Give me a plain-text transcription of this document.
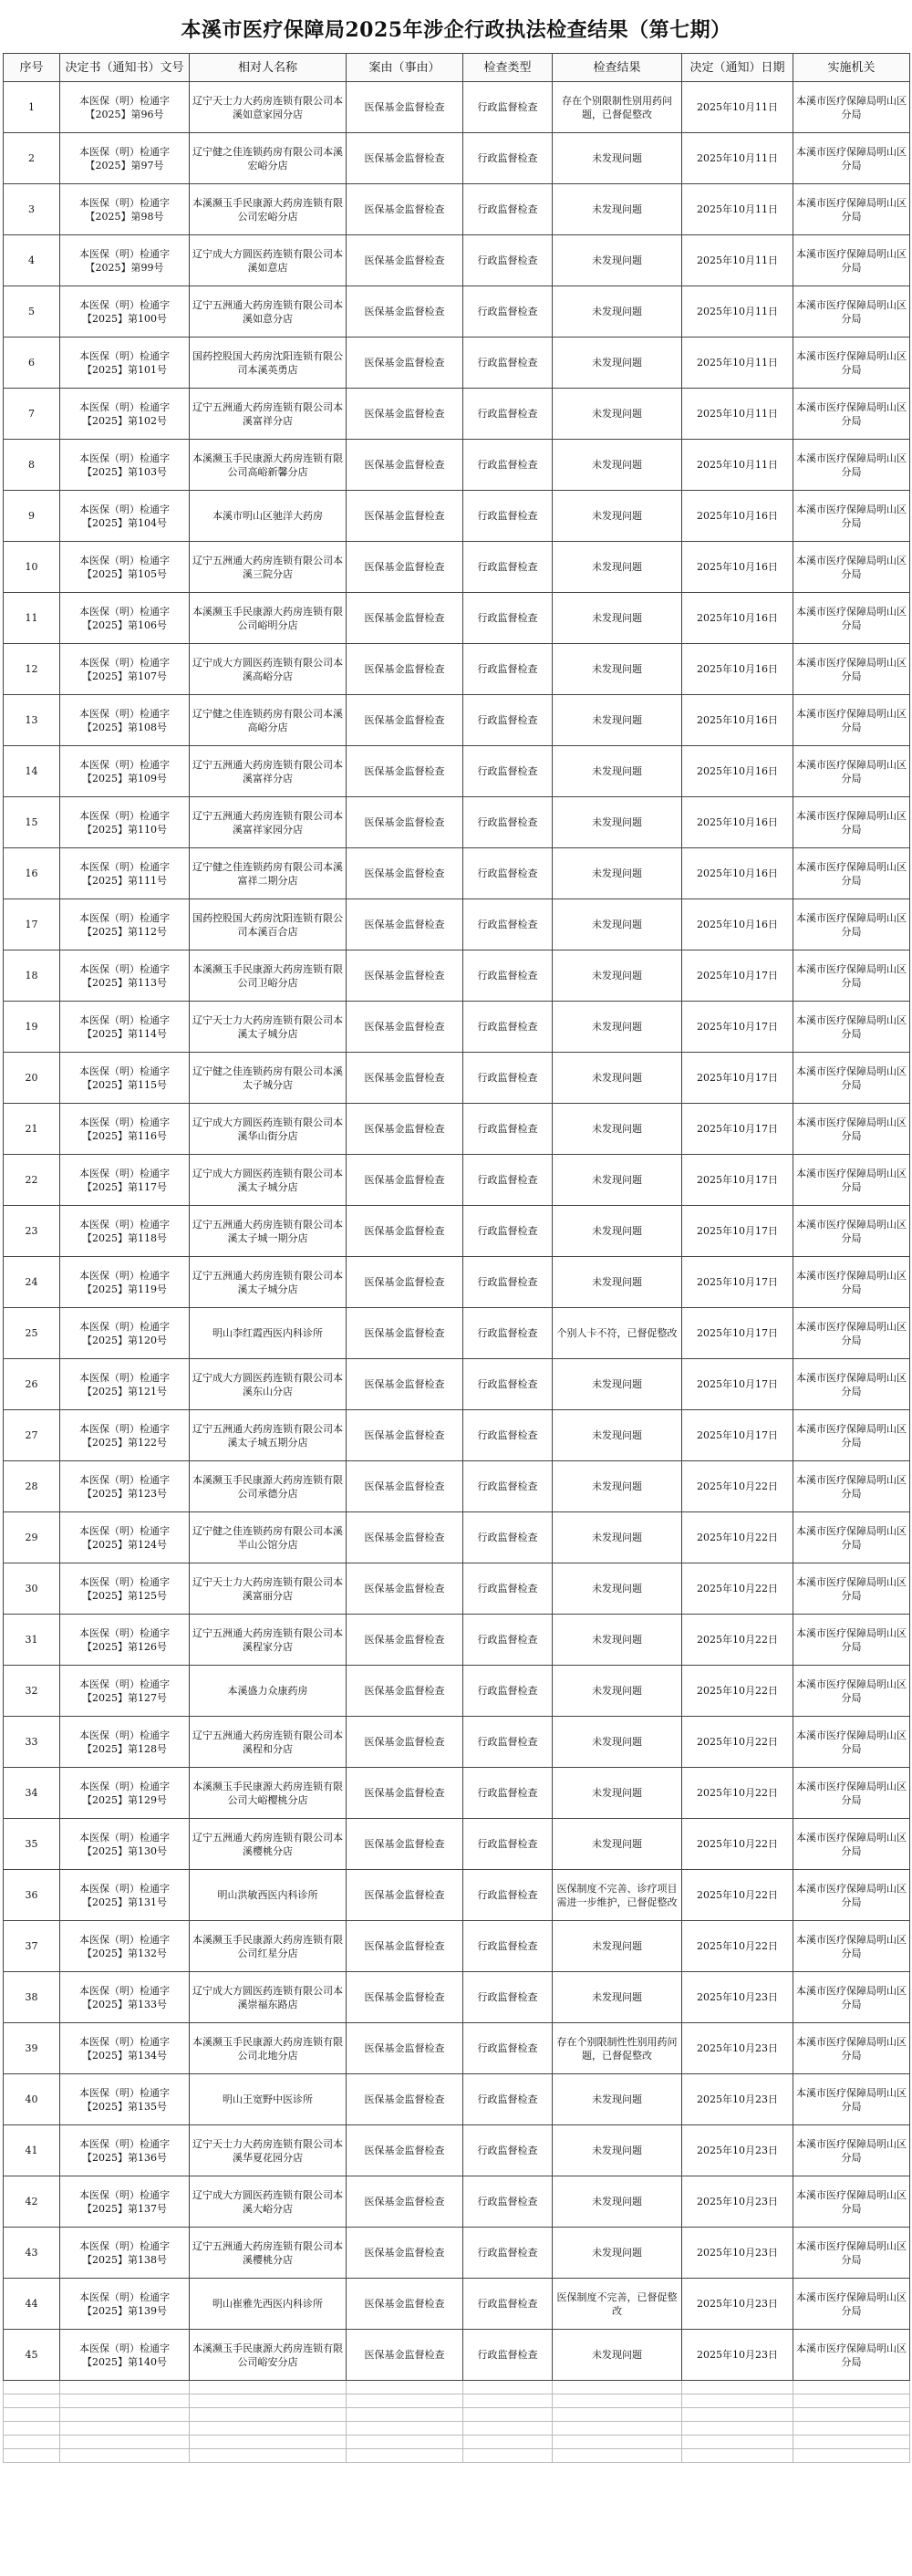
本溪市医疗保障局2025年涉企行政执法检查结果（第七期）
序号	决定书（通知书）文号	相对人名称	案由（事由）	检查类型	检查结果	决定（通知）日期	实施机关
1	本医保（明）检通字【2025】第96号	辽宁天士力大药房连锁有限公司本溪如意家园分店	医保基金监督检查	行政监督检查	存在个别限制性别用药问题，已督促整改	2025年10月11日	本溪市医疗保障局明山区分局
2	本医保（明）检通字【2025】第97号	辽宁健之佳连锁药房有限公司本溪宏峪分店	医保基金监督检查	行政监督检查	未发现问题	2025年10月11日	本溪市医疗保障局明山区分局
3	本医保（明）检通字【2025】第98号	本溪濒玉手民康源大药房连锁有限公司宏峪分店	医保基金监督检查	行政监督检查	未发现问题	2025年10月11日	本溪市医疗保障局明山区分局
4	本医保（明）检通字【2025】第99号	辽宁成大方圆医药连锁有限公司本溪如意店	医保基金监督检查	行政监督检查	未发现问题	2025年10月11日	本溪市医疗保障局明山区分局
5	本医保（明）检通字【2025】第100号	辽宁五洲通大药房连锁有限公司本溪如意分店	医保基金监督检查	行政监督检查	未发现问题	2025年10月11日	本溪市医疗保障局明山区分局
6	本医保（明）检通字【2025】第101号	国药控股国大药房沈阳连锁有限公司本溪英勇店	医保基金监督检查	行政监督检查	未发现问题	2025年10月11日	本溪市医疗保障局明山区分局
7	本医保（明）检通字【2025】第102号	辽宁五洲通大药房连锁有限公司本溪富祥分店	医保基金监督检查	行政监督检查	未发现问题	2025年10月11日	本溪市医疗保障局明山区分局
8	本医保（明）检通字【2025】第103号	本溪濒玉手民康源大药房连锁有限公司高峪新馨分店	医保基金监督检查	行政监督检查	未发现问题	2025年10月11日	本溪市医疗保障局明山区分局
9	本医保（明）检通字【2025】第104号	本溪市明山区驰洋大药房	医保基金监督检查	行政监督检查	未发现问题	2025年10月16日	本溪市医疗保障局明山区分局
10	本医保（明）检通字【2025】第105号	辽宁五洲通大药房连锁有限公司本溪三院分店	医保基金监督检查	行政监督检查	未发现问题	2025年10月16日	本溪市医疗保障局明山区分局
11	本医保（明）检通字【2025】第106号	本溪濒玉手民康源大药房连锁有限公司峪明分店	医保基金监督检查	行政监督检查	未发现问题	2025年10月16日	本溪市医疗保障局明山区分局
12	本医保（明）检通字【2025】第107号	辽宁成大方圆医药连锁有限公司本溪高峪分店	医保基金监督检查	行政监督检查	未发现问题	2025年10月16日	本溪市医疗保障局明山区分局
13	本医保（明）检通字【2025】第108号	辽宁健之佳连锁药房有限公司本溪高峪分店	医保基金监督检查	行政监督检查	未发现问题	2025年10月16日	本溪市医疗保障局明山区分局
14	本医保（明）检通字【2025】第109号	辽宁五洲通大药房连锁有限公司本溪富祥分店	医保基金监督检查	行政监督检查	未发现问题	2025年10月16日	本溪市医疗保障局明山区分局
15	本医保（明）检通字【2025】第110号	辽宁五洲通大药房连锁有限公司本溪富祥家园分店	医保基金监督检查	行政监督检查	未发现问题	2025年10月16日	本溪市医疗保障局明山区分局
16	本医保（明）检通字【2025】第111号	辽宁健之佳连锁药房有限公司本溪富祥二期分店	医保基金监督检查	行政监督检查	未发现问题	2025年10月16日	本溪市医疗保障局明山区分局
17	本医保（明）检通字【2025】第112号	国药控股国大药房沈阳连锁有限公司本溪百合店	医保基金监督检查	行政监督检查	未发现问题	2025年10月16日	本溪市医疗保障局明山区分局
18	本医保（明）检通字【2025】第113号	本溪濒玉手民康源大药房连锁有限公司卫峪分店	医保基金监督检查	行政监督检查	未发现问题	2025年10月17日	本溪市医疗保障局明山区分局
19	本医保（明）检通字【2025】第114号	辽宁天士力大药房连锁有限公司本溪太子城分店	医保基金监督检查	行政监督检查	未发现问题	2025年10月17日	本溪市医疗保障局明山区分局
20	本医保（明）检通字【2025】第115号	辽宁健之佳连锁药房有限公司本溪太子城分店	医保基金监督检查	行政监督检查	未发现问题	2025年10月17日	本溪市医疗保障局明山区分局
21	本医保（明）检通字【2025】第116号	辽宁成大方圆医药连锁有限公司本溪华山街分店	医保基金监督检查	行政监督检查	未发现问题	2025年10月17日	本溪市医疗保障局明山区分局
22	本医保（明）检通字【2025】第117号	辽宁成大方圆医药连锁有限公司本溪太子城分店	医保基金监督检查	行政监督检查	未发现问题	2025年10月17日	本溪市医疗保障局明山区分局
23	本医保（明）检通字【2025】第118号	辽宁五洲通大药房连锁有限公司本溪太子城一期分店	医保基金监督检查	行政监督检查	未发现问题	2025年10月17日	本溪市医疗保障局明山区分局
24	本医保（明）检通字【2025】第119号	辽宁五洲通大药房连锁有限公司本溪太子城分店	医保基金监督检查	行政监督检查	未发现问题	2025年10月17日	本溪市医疗保障局明山区分局
25	本医保（明）检通字【2025】第120号	明山李红霞西医内科诊所	医保基金监督检查	行政监督检查	个别人卡不符，已督促整改	2025年10月17日	本溪市医疗保障局明山区分局
26	本医保（明）检通字【2025】第121号	辽宁成大方圆医药连锁有限公司本溪东山分店	医保基金监督检查	行政监督检查	未发现问题	2025年10月17日	本溪市医疗保障局明山区分局
27	本医保（明）检通字【2025】第122号	辽宁五洲通大药房连锁有限公司本溪太子城五期分店	医保基金监督检查	行政监督检查	未发现问题	2025年10月17日	本溪市医疗保障局明山区分局
28	本医保（明）检通字【2025】第123号	本溪濒玉手民康源大药房连锁有限公司承德分店	医保基金监督检查	行政监督检查	未发现问题	2025年10月22日	本溪市医疗保障局明山区分局
29	本医保（明）检通字【2025】第124号	辽宁健之佳连锁药房有限公司本溪半山公馆分店	医保基金监督检查	行政监督检查	未发现问题	2025年10月22日	本溪市医疗保障局明山区分局
30	本医保（明）检通字【2025】第125号	辽宁天士力大药房连锁有限公司本溪富丽分店	医保基金监督检查	行政监督检查	未发现问题	2025年10月22日	本溪市医疗保障局明山区分局
31	本医保（明）检通字【2025】第126号	辽宁五洲通大药房连锁有限公司本溪程家分店	医保基金监督检查	行政监督检查	未发现问题	2025年10月22日	本溪市医疗保障局明山区分局
32	本医保（明）检通字【2025】第127号	本溪盛力众康药房	医保基金监督检查	行政监督检查	未发现问题	2025年10月22日	本溪市医疗保障局明山区分局
33	本医保（明）检通字【2025】第128号	辽宁五洲通大药房连锁有限公司本溪程和分店	医保基金监督检查	行政监督检查	未发现问题	2025年10月22日	本溪市医疗保障局明山区分局
34	本医保（明）检通字【2025】第129号	本溪濒玉手民康源大药房连锁有限公司大峪樱桃分店	医保基金监督检查	行政监督检查	未发现问题	2025年10月22日	本溪市医疗保障局明山区分局
35	本医保（明）检通字【2025】第130号	辽宁五洲通大药房连锁有限公司本溪樱桃分店	医保基金监督检查	行政监督检查	未发现问题	2025年10月22日	本溪市医疗保障局明山区分局
36	本医保（明）检通字【2025】第131号	明山洪敏西医内科诊所	医保基金监督检查	行政监督检查	医保制度不完善、诊疗项目需进一步维护，已督促整改	2025年10月22日	本溪市医疗保障局明山区分局
37	本医保（明）检通字【2025】第132号	本溪濒玉手民康源大药房连锁有限公司红星分店	医保基金监督检查	行政监督检查	未发现问题	2025年10月22日	本溪市医疗保障局明山区分局
38	本医保（明）检通字【2025】第133号	辽宁成大方圆医药连锁有限公司本溪崇福东路店	医保基金监督检查	行政监督检查	未发现问题	2025年10月23日	本溪市医疗保障局明山区分局
39	本医保（明）检通字【2025】第134号	本溪濒玉手民康源大药房连锁有限公司北地分店	医保基金监督检查	行政监督检查	存在个别限制性性别用药问题，已督促整改	2025年10月23日	本溪市医疗保障局明山区分局
40	本医保（明）检通字【2025】第135号	明山王宽野中医诊所	医保基金监督检查	行政监督检查	未发现问题	2025年10月23日	本溪市医疗保障局明山区分局
41	本医保（明）检通字【2025】第136号	辽宁天士力大药房连锁有限公司本溪华夏花园分店	医保基金监督检查	行政监督检查	未发现问题	2025年10月23日	本溪市医疗保障局明山区分局
42	本医保（明）检通字【2025】第137号	辽宁成大方圆医药连锁有限公司本溪大峪分店	医保基金监督检查	行政监督检查	未发现问题	2025年10月23日	本溪市医疗保障局明山区分局
43	本医保（明）检通字【2025】第138号	辽宁五洲通大药房连锁有限公司本溪樱桃分店	医保基金监督检查	行政监督检查	未发现问题	2025年10月23日	本溪市医疗保障局明山区分局
44	本医保（明）检通字【2025】第139号	明山崔雅先西医内科诊所	医保基金监督检查	行政监督检查	医保制度不完善，已督促整改	2025年10月23日	本溪市医疗保障局明山区分局
45	本医保（明）检通字【2025】第140号	本溪濒玉手民康源大药房连锁有限公司峪安分店	医保基金监督检查	行政监督检查	未发现问题	2025年10月23日	本溪市医疗保障局明山区分局
